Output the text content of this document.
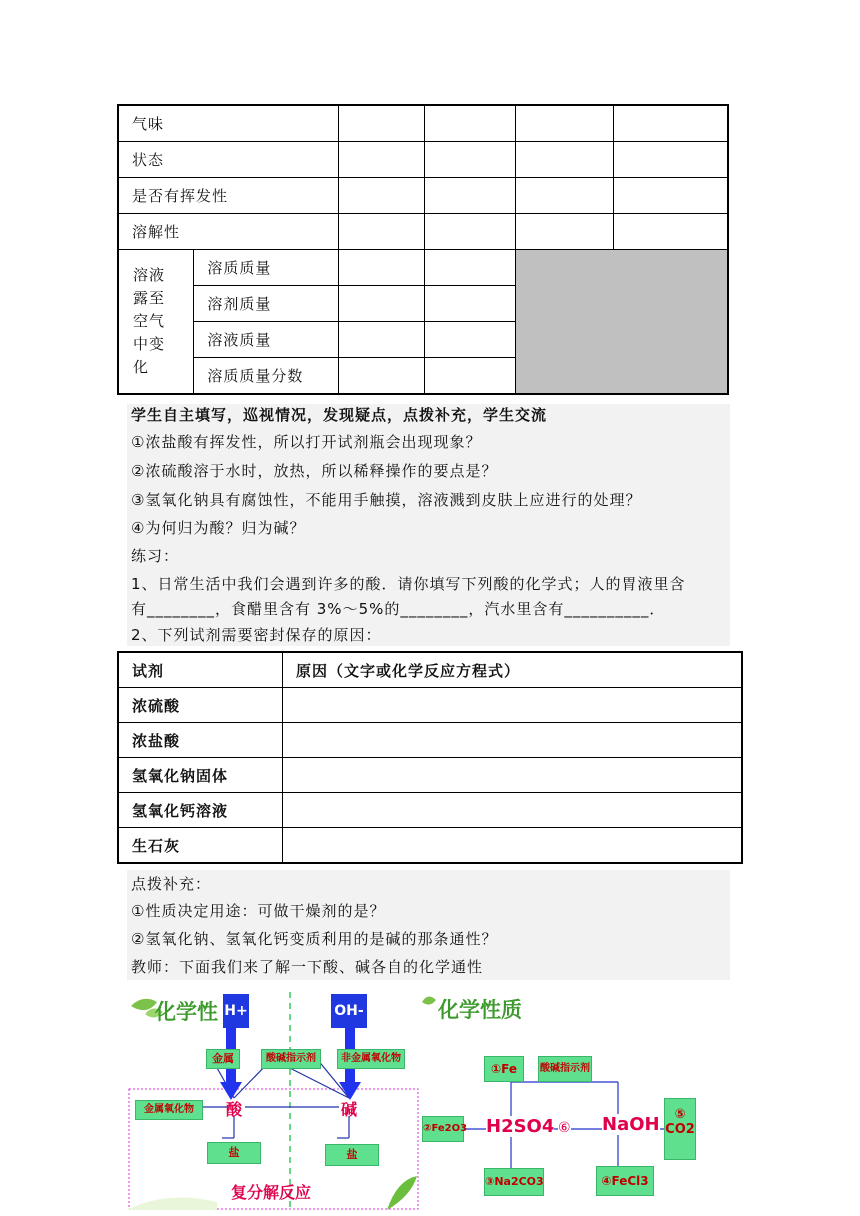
气味					
状态					
是否有挥发性					
溶解性					

溶液
露至
空气
中变
化	溶质质量				
	溶剂质量				
	溶液质量				
	溶质质量分数				
学生自主填写，巡视情况，发现疑点，点拨补充，学生交流
①浓盐酸有挥发性，所以打开试剂瓶会出现现象？
②浓硫酸溶于水时，放热，所以稀释操作的要点是？
③氢氧化钠具有腐蚀性，不能用手触摸，溶液溅到皮肤上应进行的处理？
④为何归为酸？归为碱？
练习：
1、日常生活中我们会遇到许多的酸．请你填写下列酸的化学式；人的胃液里含
有________，食醋里含有 3%～5%的________，汽水里含有__________．
2、下列试剂需要密封保存的原因：
试剂	原因（文字或化学反应方程式）
浓硫酸	
浓盐酸	
氢氧化钠固体	
氢氧化钙溶液	
生石灰	
点拨补充：
①性质决定用途：可做干燥剂的是？
②氢氧化钠、氢氧化钙变质利用的是碱的那条通性？
教师：下面我们来了解一下酸、碱各自的化学通性
化学性 H+	OH-
金属	酸碱指示剂	非金属氧化物
金属氧化物	酸	碱
盐	盐
复分解反应
化学性质
①Fe	酸碱指示剂
②Fe2O3 H2SO4 ⑥ NaOH	⑤
CO2
③Na2CO3	④FeCl3
